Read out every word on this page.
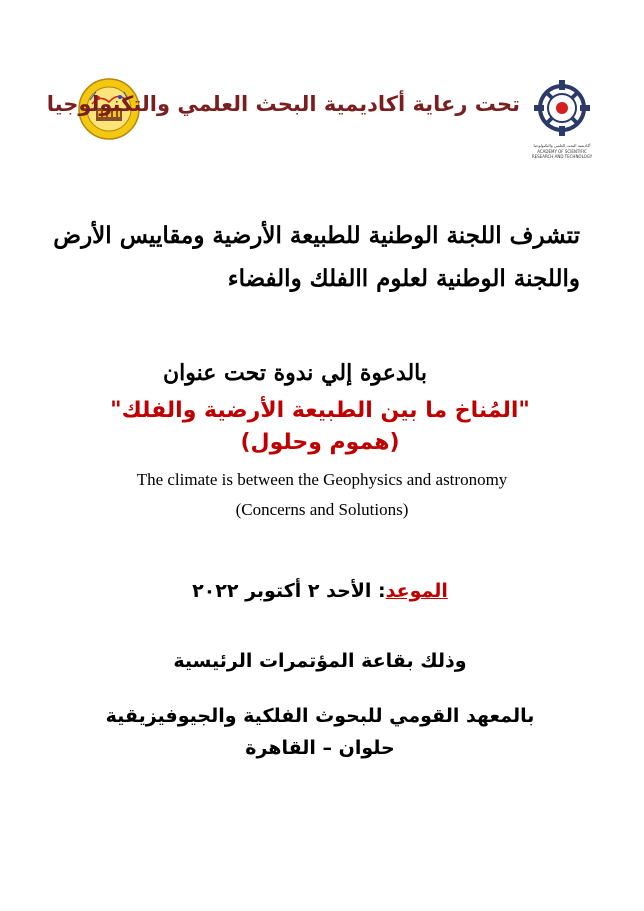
تحت رعاية أكاديمية البحث العلمي والتكنولوجيا
أكاديمية البحث العلمي والتكنولوجيا
ACADEMY OF SCIENTIFIC RESEARCH AND TECHNOLOGY
تتشرف اللجنة الوطنية للطبيعة الأرضية ومقاييس الأرض
واللجنة الوطنية لعلوم االفلك والفضاء
بالدعوة إلي ندوة تحت عنوان
"المُناخ ما بين الطبيعة الأرضية والفلك"
(هموم وحلول)
The climate is between the Geophysics and astronomy
(Concerns and Solutions)
الموعد: الأحد ٢ أكتوبر ٢٠٢٢
وذلك بقاعة المؤتمرات الرئيسية
بالمعهد القومي للبحوث الفلكية والجيوفيزيقية
حلوان – القاهرة
